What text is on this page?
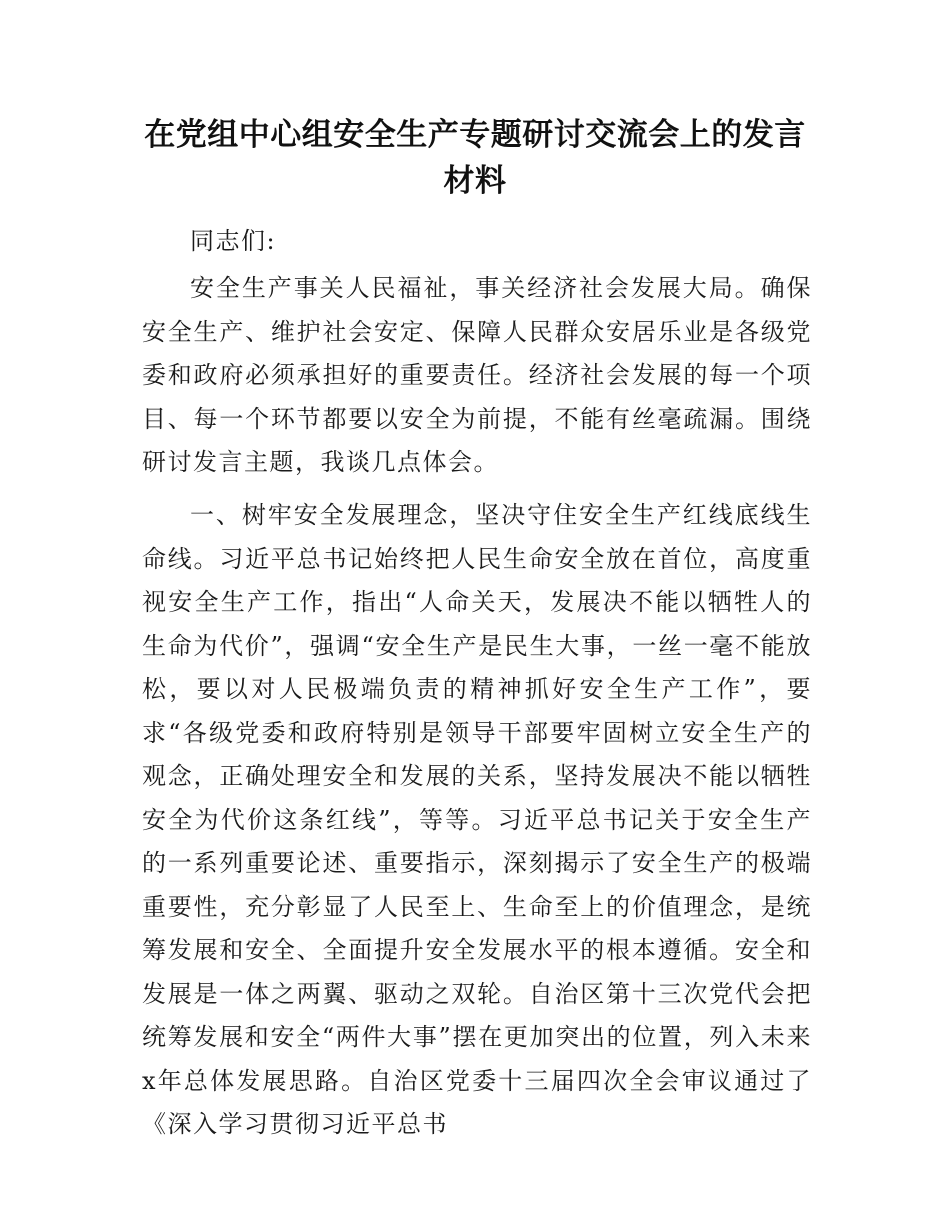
在党组中心组安全生产专题研讨交流会上的发言材料

同志们:

安全生产事关人民福祉，事关经济社会发展大局。确保安全生产、维护社会安定、保障人民群众安居乐业是各级党委和政府必须承担好的重要责任。经济社会发展的每一个项目、每一个环节都要以安全为前提，不能有丝毫疏漏。围绕研讨发言主题，我谈几点体会。

一、树牢安全发展理念，坚决守住安全生产红线底线生命线。习近平总书记始终把人民生命安全放在首位，高度重视安全生产工作，指出“人命关天，发展决不能以牺牲人的生命为代价”，强调“安全生产是民生大事，一丝一毫不能放松，要以对人民极端负责的精神抓好安全生产工作”，要求“各级党委和政府特别是领导干部要牢固树立安全生产的观念，正确处理安全和发展的关系，坚持发展决不能以牺牲安全为代价这条红线”，等等。习近平总书记关于安全生产的一系列重要论述、重要指示，深刻揭示了安全生产的极端重要性，充分彰显了人民至上、生命至上的价值理念，是统筹发展和安全、全面提升安全发展水平的根本遵循。安全和发展是一体之两翼、驱动之双轮。自治区第十三次党代会把统筹发展和安全“两件大事”摆在更加突出的位置，列入未来x年总体发展思路。自治区党委十三届四次全会审议通过了《深入学习贯彻习近平总书
